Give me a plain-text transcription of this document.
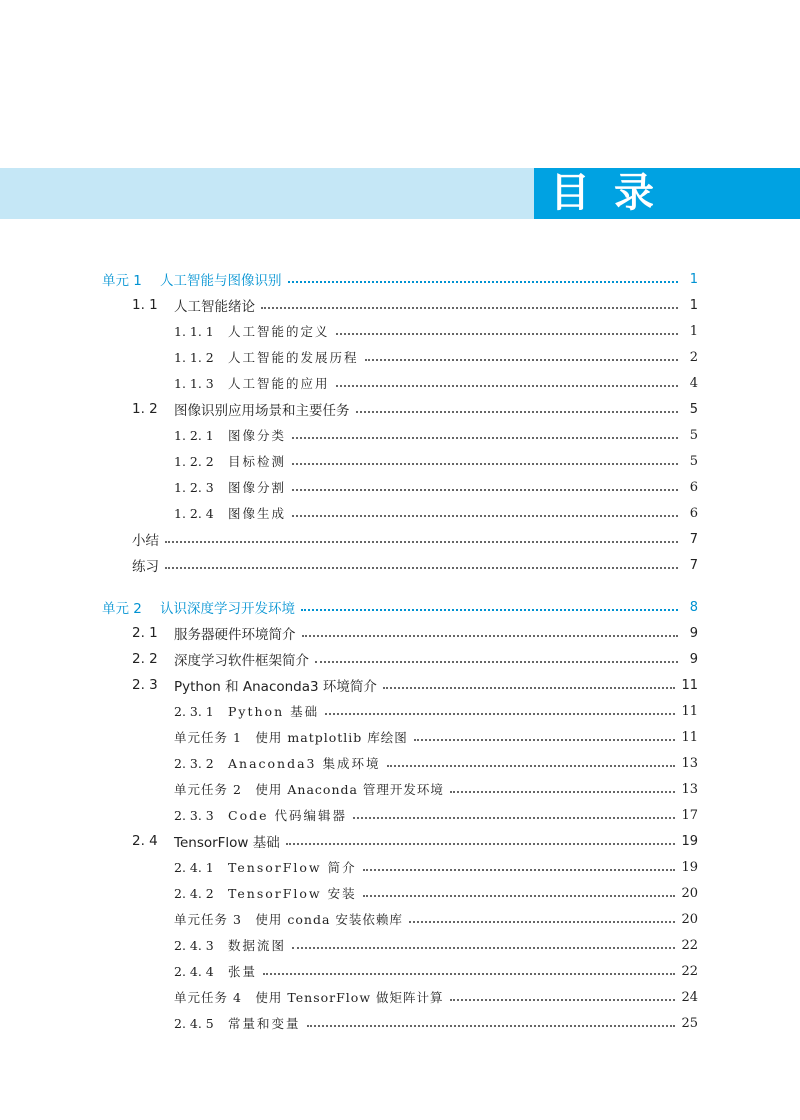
目录
单元 1	人工智能与图像识别	1
1. 1	人工智能绪论	1
1. 1. 1	人工智能的定义	1
1. 1. 2	人工智能的发展历程	2
1. 1. 3	人工智能的应用	4
1. 2	图像识别应用场景和主要任务	5
1. 2. 1	图像分类	5
1. 2. 2	目标检测	5
1. 2. 3	图像分割	6
1. 2. 4	图像生成	6
小结	7
练习	7
单元 2	认识深度学习开发环境	8
2. 1	服务器硬件环境简介	9
2. 2	深度学习软件框架简介	9
2. 3	Python 和 Anaconda3 环境简介	11
2. 3. 1	Python 基础	11
单元任务 1　使用 matplotlib 库绘图	11
2. 3. 2	Anaconda3 集成环境	13
单元任务 2　使用 Anaconda 管理开发环境	13
2. 3. 3	Code 代码编辑器	17
2. 4	TensorFlow 基础	19
2. 4. 1	TensorFlow 简介	19
2. 4. 2	TensorFlow 安装	20
单元任务 3　使用 conda 安装依赖库	20
2. 4. 3	数据流图	22
2. 4. 4	张量	22
单元任务 4　使用 TensorFlow 做矩阵计算	24
2. 4. 5	常量和变量	25
